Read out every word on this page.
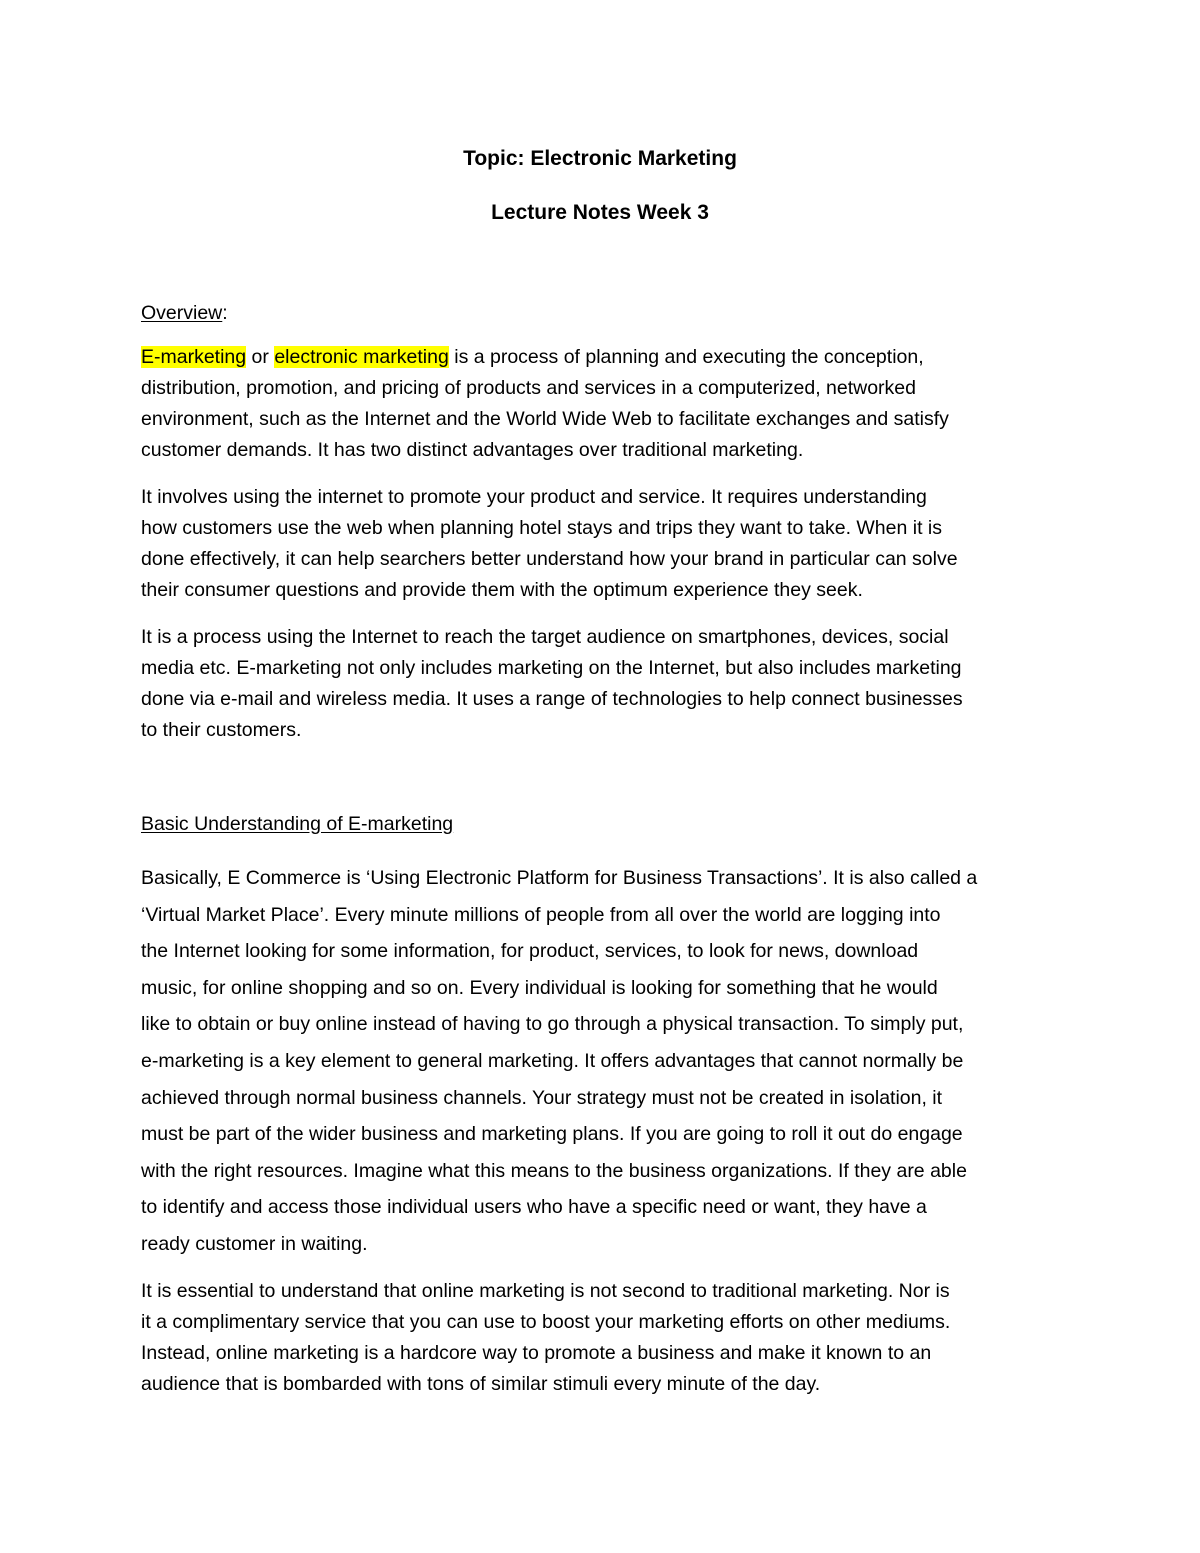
Topic: Electronic Marketing
Lecture Notes Week 3
Overview:
E-marketing or electronic marketing is a process of planning and executing the conception,
distribution, promotion, and pricing of products and services in a computerized, networked
environment, such as the Internet and the World Wide Web to facilitate exchanges and satisfy
customer demands. It has two distinct advantages over traditional marketing.
It involves using the internet to promote your product and service. It requires understanding
how customers use the web when planning hotel stays and trips they want to take. When it is
done effectively, it can help searchers better understand how your brand in particular can solve
their consumer questions and provide them with the optimum experience they seek.
It is a process using the Internet to reach the target audience on smartphones, devices, social
media etc. E-marketing not only includes marketing on the Internet, but also includes marketing
done via e-mail and wireless media. It uses a range of technologies to help connect businesses
to their customers.
Basic Understanding of E-marketing
Basically, E Commerce is ‘Using Electronic Platform for Business Transactions’. It is also called a
‘Virtual Market Place’. Every minute millions of people from all over the world are logging into
the Internet looking for some information, for product, services, to look for news, download
music, for online shopping and so on. Every individual is looking for something that he would
like to obtain or buy online instead of having to go through a physical transaction. To simply put,
e-marketing is a key element to general marketing. It offers advantages that cannot normally be
achieved through normal business channels. Your strategy must not be created in isolation, it
must be part of the wider business and marketing plans. If you are going to roll it out do engage
with the right resources. Imagine what this means to the business organizations. If they are able
to identify and access those individual users who have a specific need or want, they have a
ready customer in waiting.
It is essential to understand that online marketing is not second to traditional marketing. Nor is
it a complimentary service that you can use to boost your marketing efforts on other mediums.
Instead, online marketing is a hardcore way to promote a business and make it known to an
audience that is bombarded with tons of similar stimuli every minute of the day.
